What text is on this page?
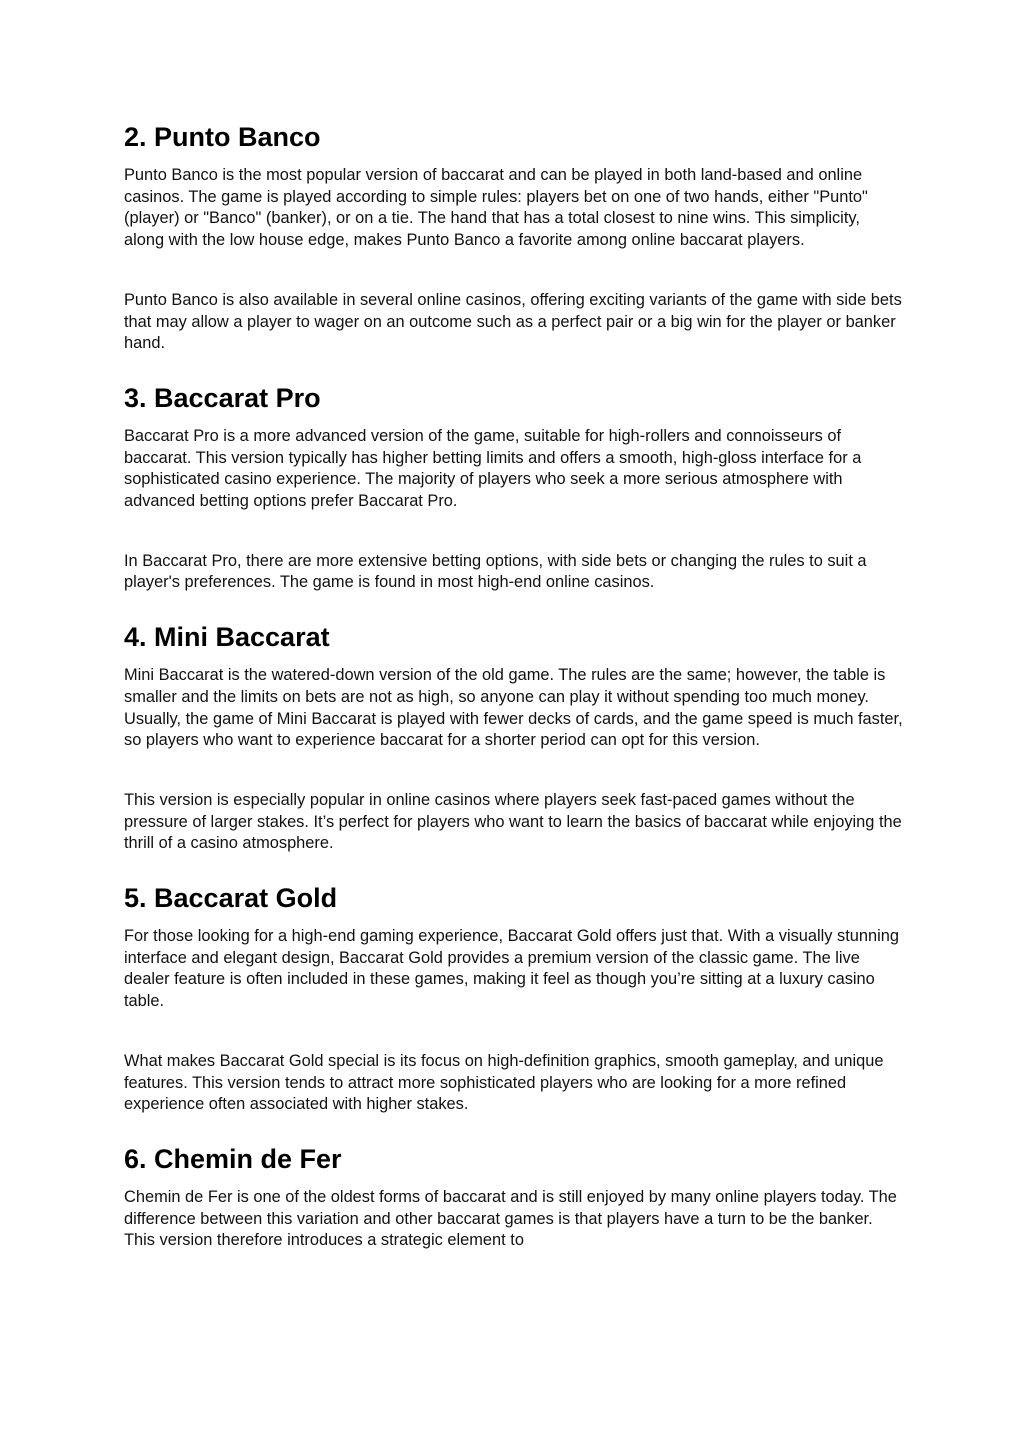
2. Punto Banco

Punto Banco is the most popular version of baccarat and can be played in both land-based and online casinos. The game is played according to simple rules: players bet on one of two hands, either "Punto" (player) or "Banco" (banker), or on a tie. The hand that has a total closest to nine wins. This simplicity, along with the low house edge, makes Punto Banco a favorite among online baccarat players.

Punto Banco is also available in several online casinos, offering exciting variants of the game with side bets that may allow a player to wager on an outcome such as a perfect pair or a big win for the player or banker hand.

3. Baccarat Pro

Baccarat Pro is a more advanced version of the game, suitable for high-rollers and connoisseurs of baccarat. This version typically has higher betting limits and offers a smooth, high-gloss interface for a sophisticated casino experience. The majority of players who seek a more serious atmosphere with advanced betting options prefer Baccarat Pro.

In Baccarat Pro, there are more extensive betting options, with side bets or changing the rules to suit a player's preferences. The game is found in most high-end online casinos.

4. Mini Baccarat

Mini Baccarat is the watered-down version of the old game. The rules are the same; however, the table is smaller and the limits on bets are not as high, so anyone can play it without spending too much money. Usually, the game of Mini Baccarat is played with fewer decks of cards, and the game speed is much faster, so players who want to experience baccarat for a shorter period can opt for this version.

This version is especially popular in online casinos where players seek fast-paced games without the pressure of larger stakes. It’s perfect for players who want to learn the basics of baccarat while enjoying the thrill of a casino atmosphere.

5. Baccarat Gold

For those looking for a high-end gaming experience, Baccarat Gold offers just that. With a visually stunning interface and elegant design, Baccarat Gold provides a premium version of the classic game. The live dealer feature is often included in these games, making it feel as though you’re sitting at a luxury casino table.

What makes Baccarat Gold special is its focus on high-definition graphics, smooth gameplay, and unique features. This version tends to attract more sophisticated players who are looking for a more refined experience often associated with higher stakes.

6. Chemin de Fer

Chemin de Fer is one of the oldest forms of baccarat and is still enjoyed by many online players today. The difference between this variation and other baccarat games is that players have a turn to be the banker. This version therefore introduces a strategic element to
